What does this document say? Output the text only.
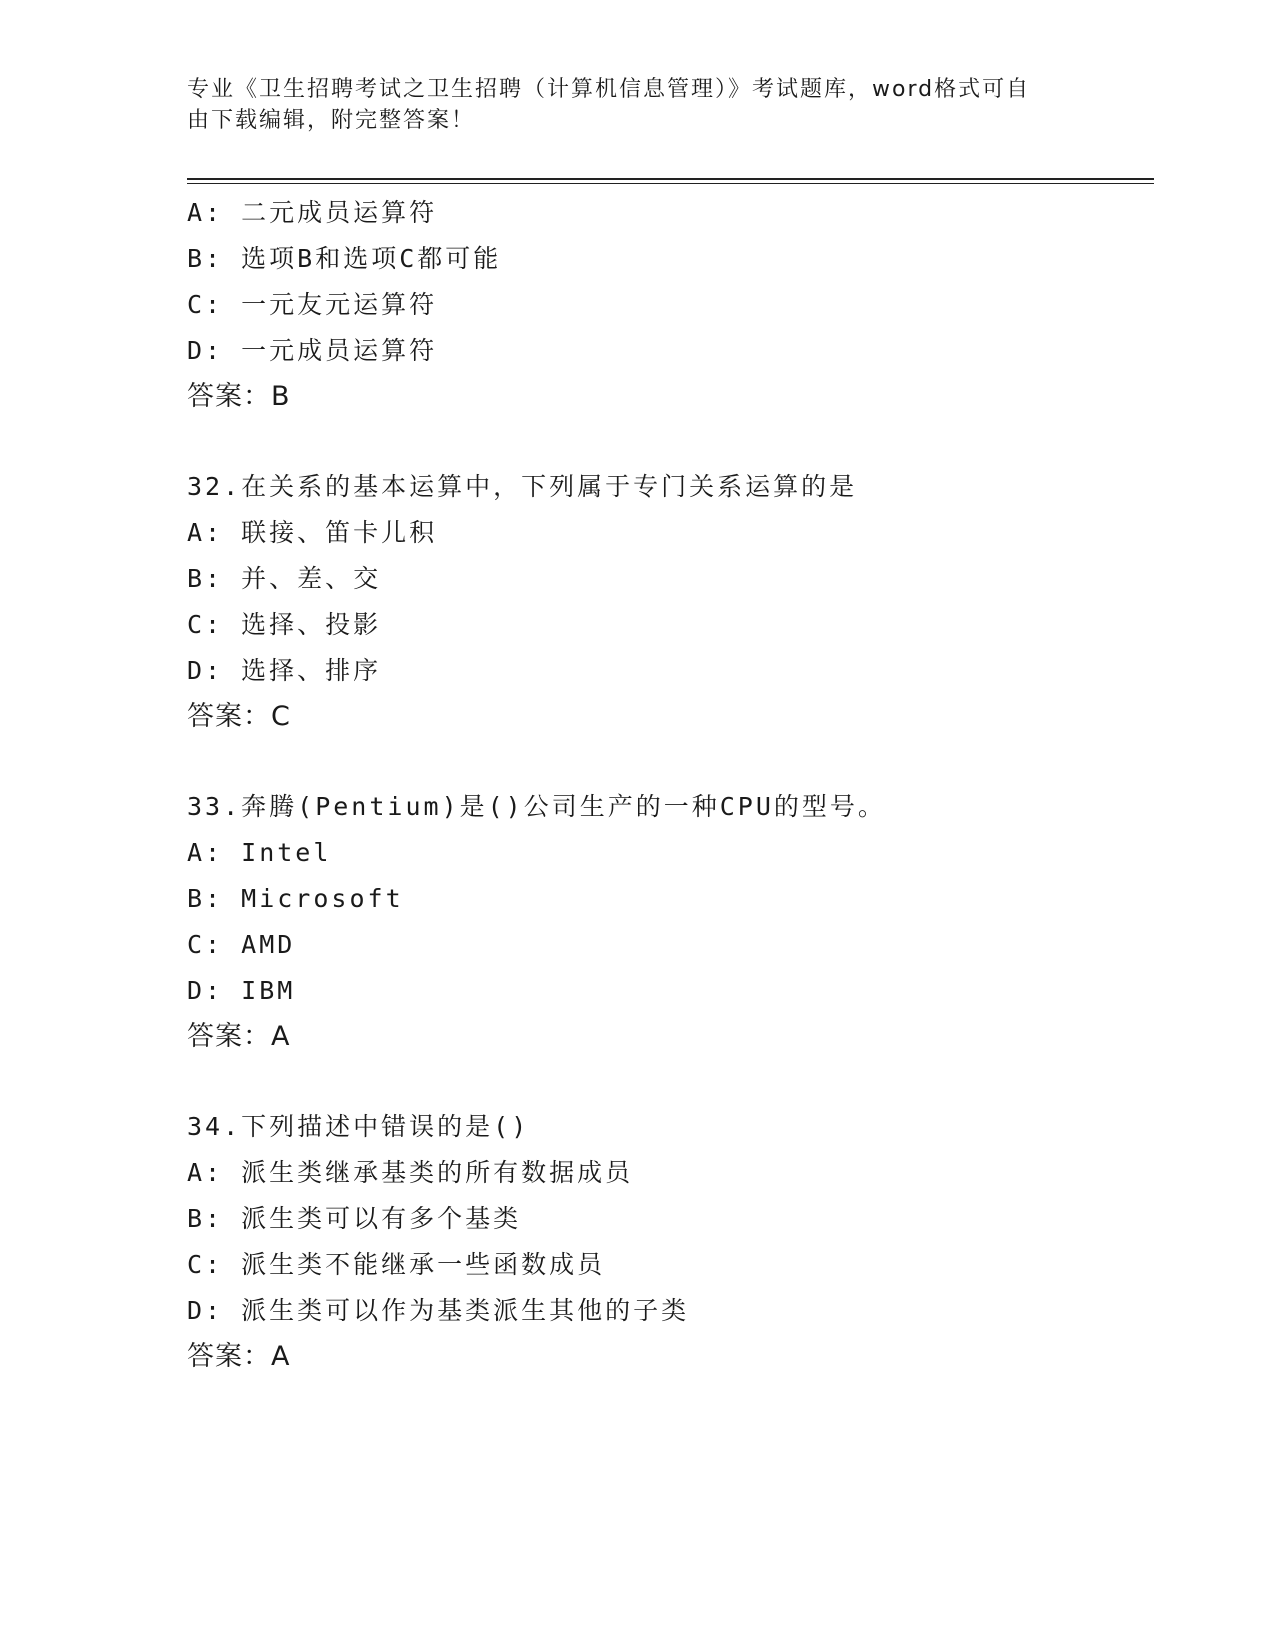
专业《卫生招聘考试之卫生招聘（计算机信息管理）》考试题库，word格式可自
由下载编辑，附完整答案！
A: 二元成员运算符
B: 选项B和选项C都可能
C: 一元友元运算符
D: 一元成员运算符
答案：B
32.在关系的基本运算中，下列属于专门关系运算的是
A: 联接、笛卡儿积
B: 并、差、交
C: 选择、投影
D: 选择、排序
答案：C
33.奔腾(Pentium)是()公司生产的一种CPU的型号。
A: Intel
B: Microsoft
C: AMD
D: IBM
答案：A
34.下列描述中错误的是()
A: 派生类继承基类的所有数据成员
B: 派生类可以有多个基类
C: 派生类不能继承一些函数成员
D: 派生类可以作为基类派生其他的子类
答案：A
